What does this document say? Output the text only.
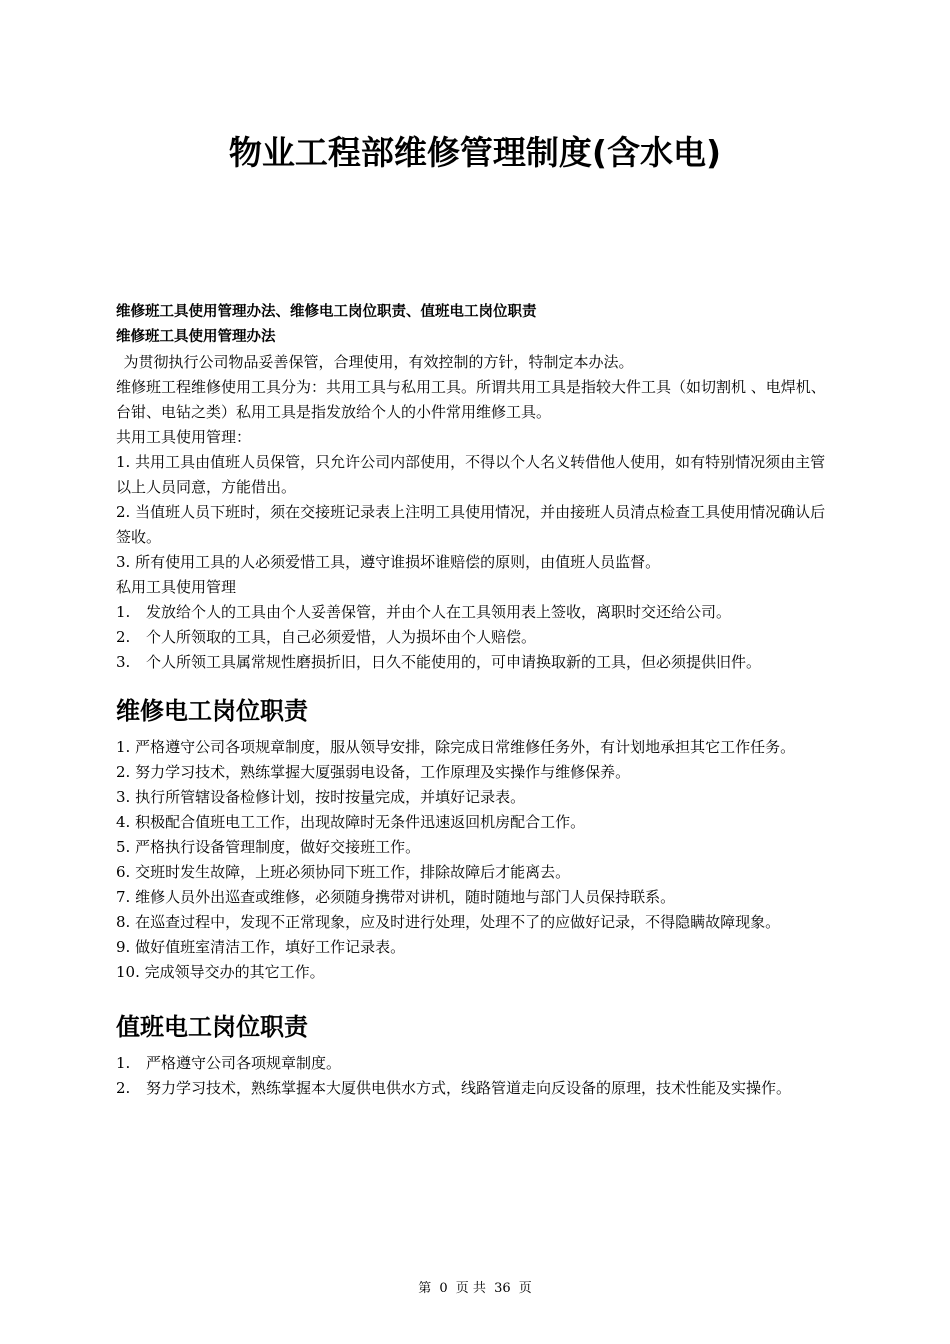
物业工程部维修管理制度(含水电)

维修班工具使用管理办法、维修电工岗位职责、值班电工岗位职责

维修班工具使用管理办法

为贯彻执行公司物品妥善保管，合理使用，有效控制的方针，特制定本办法。

维修班工程维修使用工具分为：共用工具与私用工具。所谓共用工具是指较大件工具（如切割机 、电焊机、台钳、电钻之类）私用工具是指发放给个人的小件常用维修工具。

共用工具使用管理：

1. 共用工具由值班人员保管，只允许公司内部使用，不得以个人名义转借他人使用，如有特别情况须由主管以上人员同意，方能借出。

2. 当值班人员下班时，须在交接班记录表上注明工具使用情况，并由接班人员清点检查工具使用情况确认后签收。

3. 所有使用工具的人必须爱惜工具，遵守谁损坏谁赔偿的原则，由值班人员监督。

私用工具使用管理

1. 发放给个人的工具由个人妥善保管，并由个人在工具领用表上签收，离职时交还给公司。

2. 个人所领取的工具，自己必须爱惜，人为损坏由个人赔偿。

3. 个人所领工具属常规性磨损折旧，日久不能使用的，可申请换取新的工具，但必须提供旧件。

维修电工岗位职责

1. 严格遵守公司各项规章制度，服从领导安排，除完成日常维修任务外，有计划地承担其它工作任务。

2. 努力学习技术，熟练掌握大厦强弱电设备，工作原理及实操作与维修保养。

3. 执行所管辖设备检修计划，按时按量完成，并填好记录表。

4. 积极配合值班电工工作，出现故障时无条件迅速返回机房配合工作。

5. 严格执行设备管理制度，做好交接班工作。

6. 交班时发生故障，上班必须协同下班工作，排除故障后才能离去。

7. 维修人员外出巡查或维修，必须随身携带对讲机，随时随地与部门人员保持联系。

8. 在巡查过程中，发现不正常现象，应及时进行处理，处理不了的应做好记录，不得隐瞒故障现象。

9. 做好值班室清洁工作，填好工作记录表。

10. 完成领导交办的其它工作。

值班电工岗位职责

1. 严格遵守公司各项规章制度。

2. 努力学习技术，熟练掌握本大厦供电供水方式，线路管道走向反设备的原理，技术性能及实操作。

第 0 页 共 36 页
